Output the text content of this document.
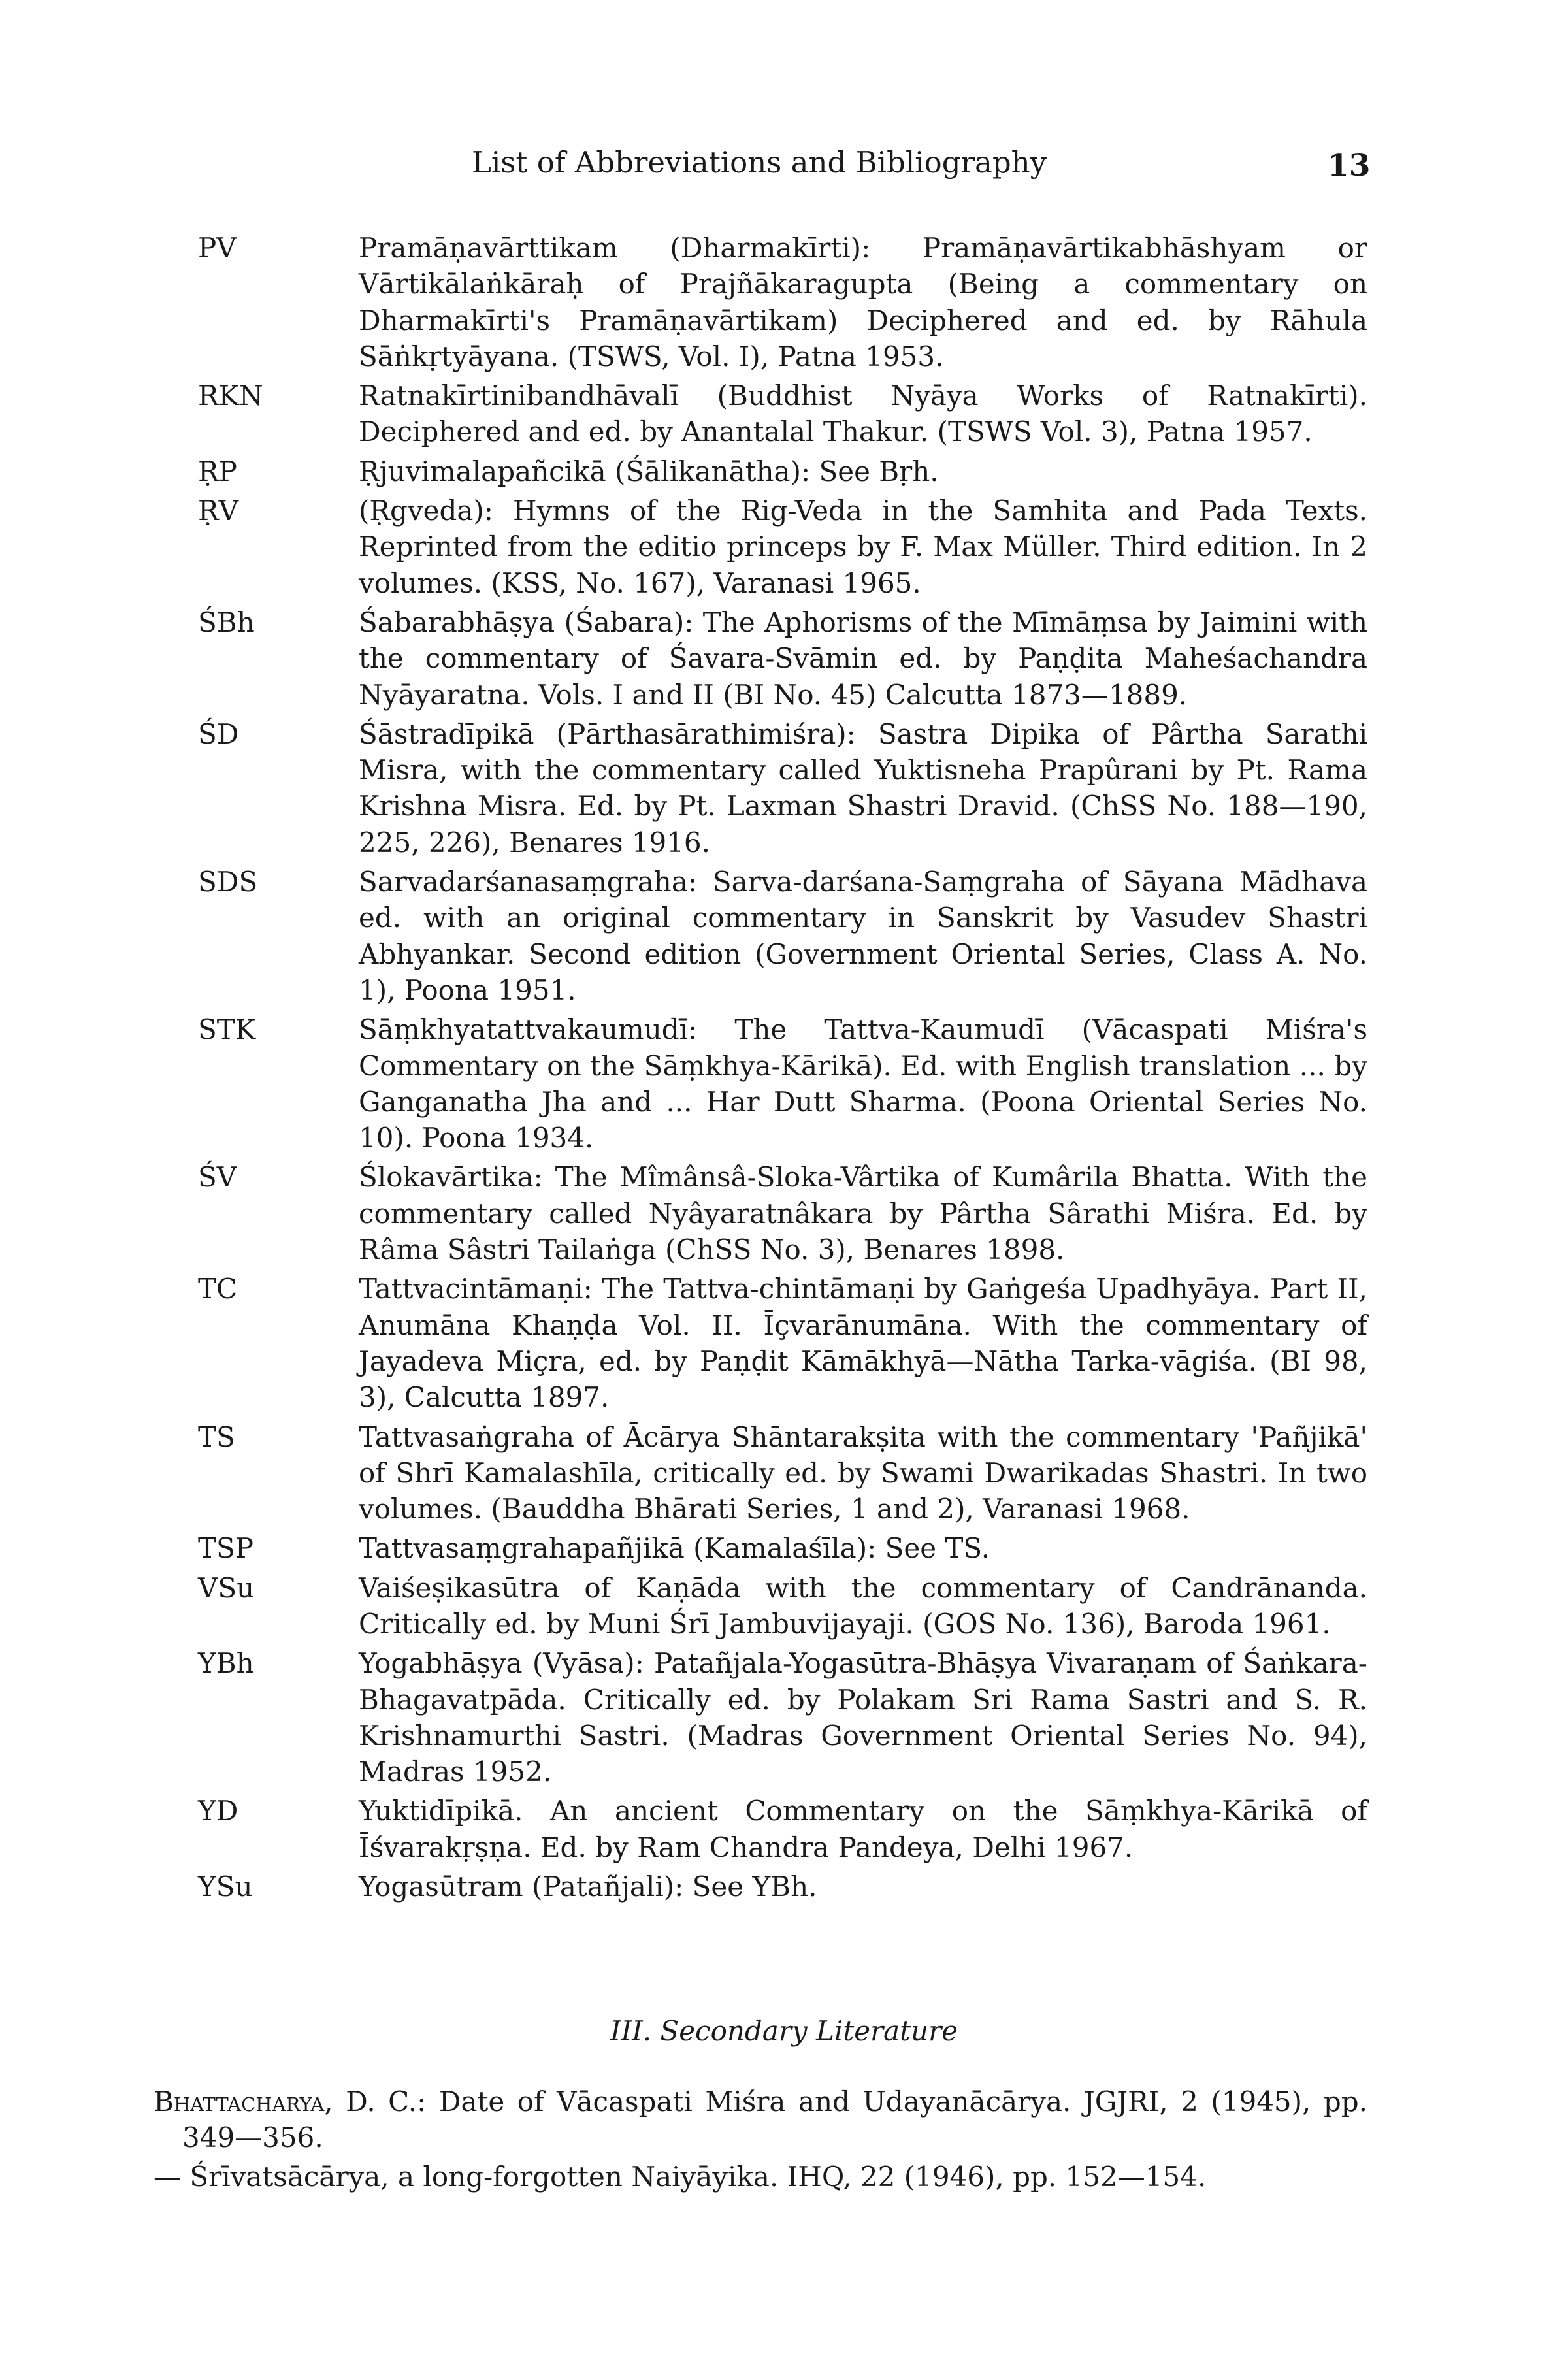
List of Abbreviations and Bibliography	13
PV	Pramāṇavārttikam (Dharmakīrti): Pramāṇavārtikabhāshyam or Vārtikālaṅkāraḥ of Prajñākaragupta (Being a commentary on Dharmakīrti's Pramāṇavārtikam) Deciphered and ed. by Rāhula Sāṅkṛtyāyana. (TSWS, Vol. I), Patna 1953.
RKN	Ratnakīrtinibandhāvalī (Buddhist Nyāya Works of Ratnakīrti). Deciphered and ed. by Anantalal Thakur. (TSWS Vol. 3), Patna 1957.
ṚP	Ṛjuvimalapañcikā (Śālikanātha): See Bṛh.
ṚV	(Ṛgveda): Hymns of the Rig-Veda in the Samhita and Pada Texts. Reprinted from the editio princeps by F. Max Müller. Third edition. In 2 volumes. (KSS, No. 167), Varanasi 1965.
ŚBh	Śabarabhāṣya (Śabara): The Aphorisms of the Mīmāṃsa by Jaimini with the commentary of Śavara-Svāmin ed. by Paṇḍita Maheśachandra Nyāyaratna. Vols. I and II (BI No. 45) Calcutta 1873—1889.
ŚD	Śāstradīpikā (Pārthasārathimiśra): Sastra Dipika of Pârtha Sarathi Misra, with the commentary called Yuktisneha Prapûrani by Pt. Rama Krishna Misra. Ed. by Pt. Laxman Shastri Dravid. (ChSS No. 188—190, 225, 226), Benares 1916.
SDS	Sarvadarśanasaṃgraha: Sarva-darśana-Saṃgraha of Sāyana Mādhava ed. with an original commentary in Sanskrit by Vasudev Shastri Abhyankar. Second edition (Government Oriental Series, Class A. No. 1), Poona 1951.
STK	Sāṃkhyatattvakaumudī: The Tattva-Kaumudī (Vācaspati Miśra's Commentary on the Sāṃkhya-Kārikā). Ed. with English translation ... by Ganganatha Jha and ... Har Dutt Sharma. (Poona Oriental Series No. 10). Poona 1934.
ŚV	Ślokavārtika: The Mîmânsâ-Sloka-Vârtika of Kumârila Bhatta. With the commentary called Nyâyaratnâkara by Pârtha Sârathi Miśra. Ed. by Râma Sâstri Tailaṅga (ChSS No. 3), Benares 1898.
TC	Tattvacintāmaṇi: The Tattva-chintāmaṇi by Gaṅgeśa Upadhyāya. Part II, Anumāna Khaṇḍa Vol. II. Īçvarānumāna. With the commentary of Jayadeva Miçra, ed. by Paṇḍit Kāmākhyā—Nātha Tarka-vāgiśa. (BI 98, 3), Calcutta 1897.
TS	Tattvasaṅgraha of Ācārya Shāntarakṣita with the commentary 'Pañjikā' of Shrī Kamalashīla, critically ed. by Swami Dwarikadas Shastri. In two volumes. (Bauddha Bhārati Series, 1 and 2), Varanasi 1968.
TSP	Tattvasaṃgrahapañjikā (Kamalaśīla): See TS.
VSu	Vaiśeṣikasūtra of Kaṇāda with the commentary of Candrānanda. Critically ed. by Muni Śrī Jambuvijayaji. (GOS No. 136), Baroda 1961.
YBh	Yogabhāṣya (Vyāsa): Patañjala-Yogasūtra-Bhāṣya Vivaraṇam of Śaṅkara-Bhagavatpāda. Critically ed. by Polakam Sri Rama Sastri and S. R. Krishnamurthi Sastri. (Madras Government Oriental Series No. 94), Madras 1952.
YD	Yuktidīpikā. An ancient Commentary on the Sāṃkhya-Kārikā of Īśvarakṛṣṇa. Ed. by Ram Chandra Pandeya, Delhi 1967.
YSu	Yogasūtram (Patañjali): See YBh.
III. Secondary Literature
Bhattacharya, D. C.: Date of Vācaspati Miśra and Udayanācārya. JGJRI, 2 (1945), pp. 349—356.
— Śrīvatsācārya, a long-forgotten Naiyāyika. IHQ, 22 (1946), pp. 152—154.
